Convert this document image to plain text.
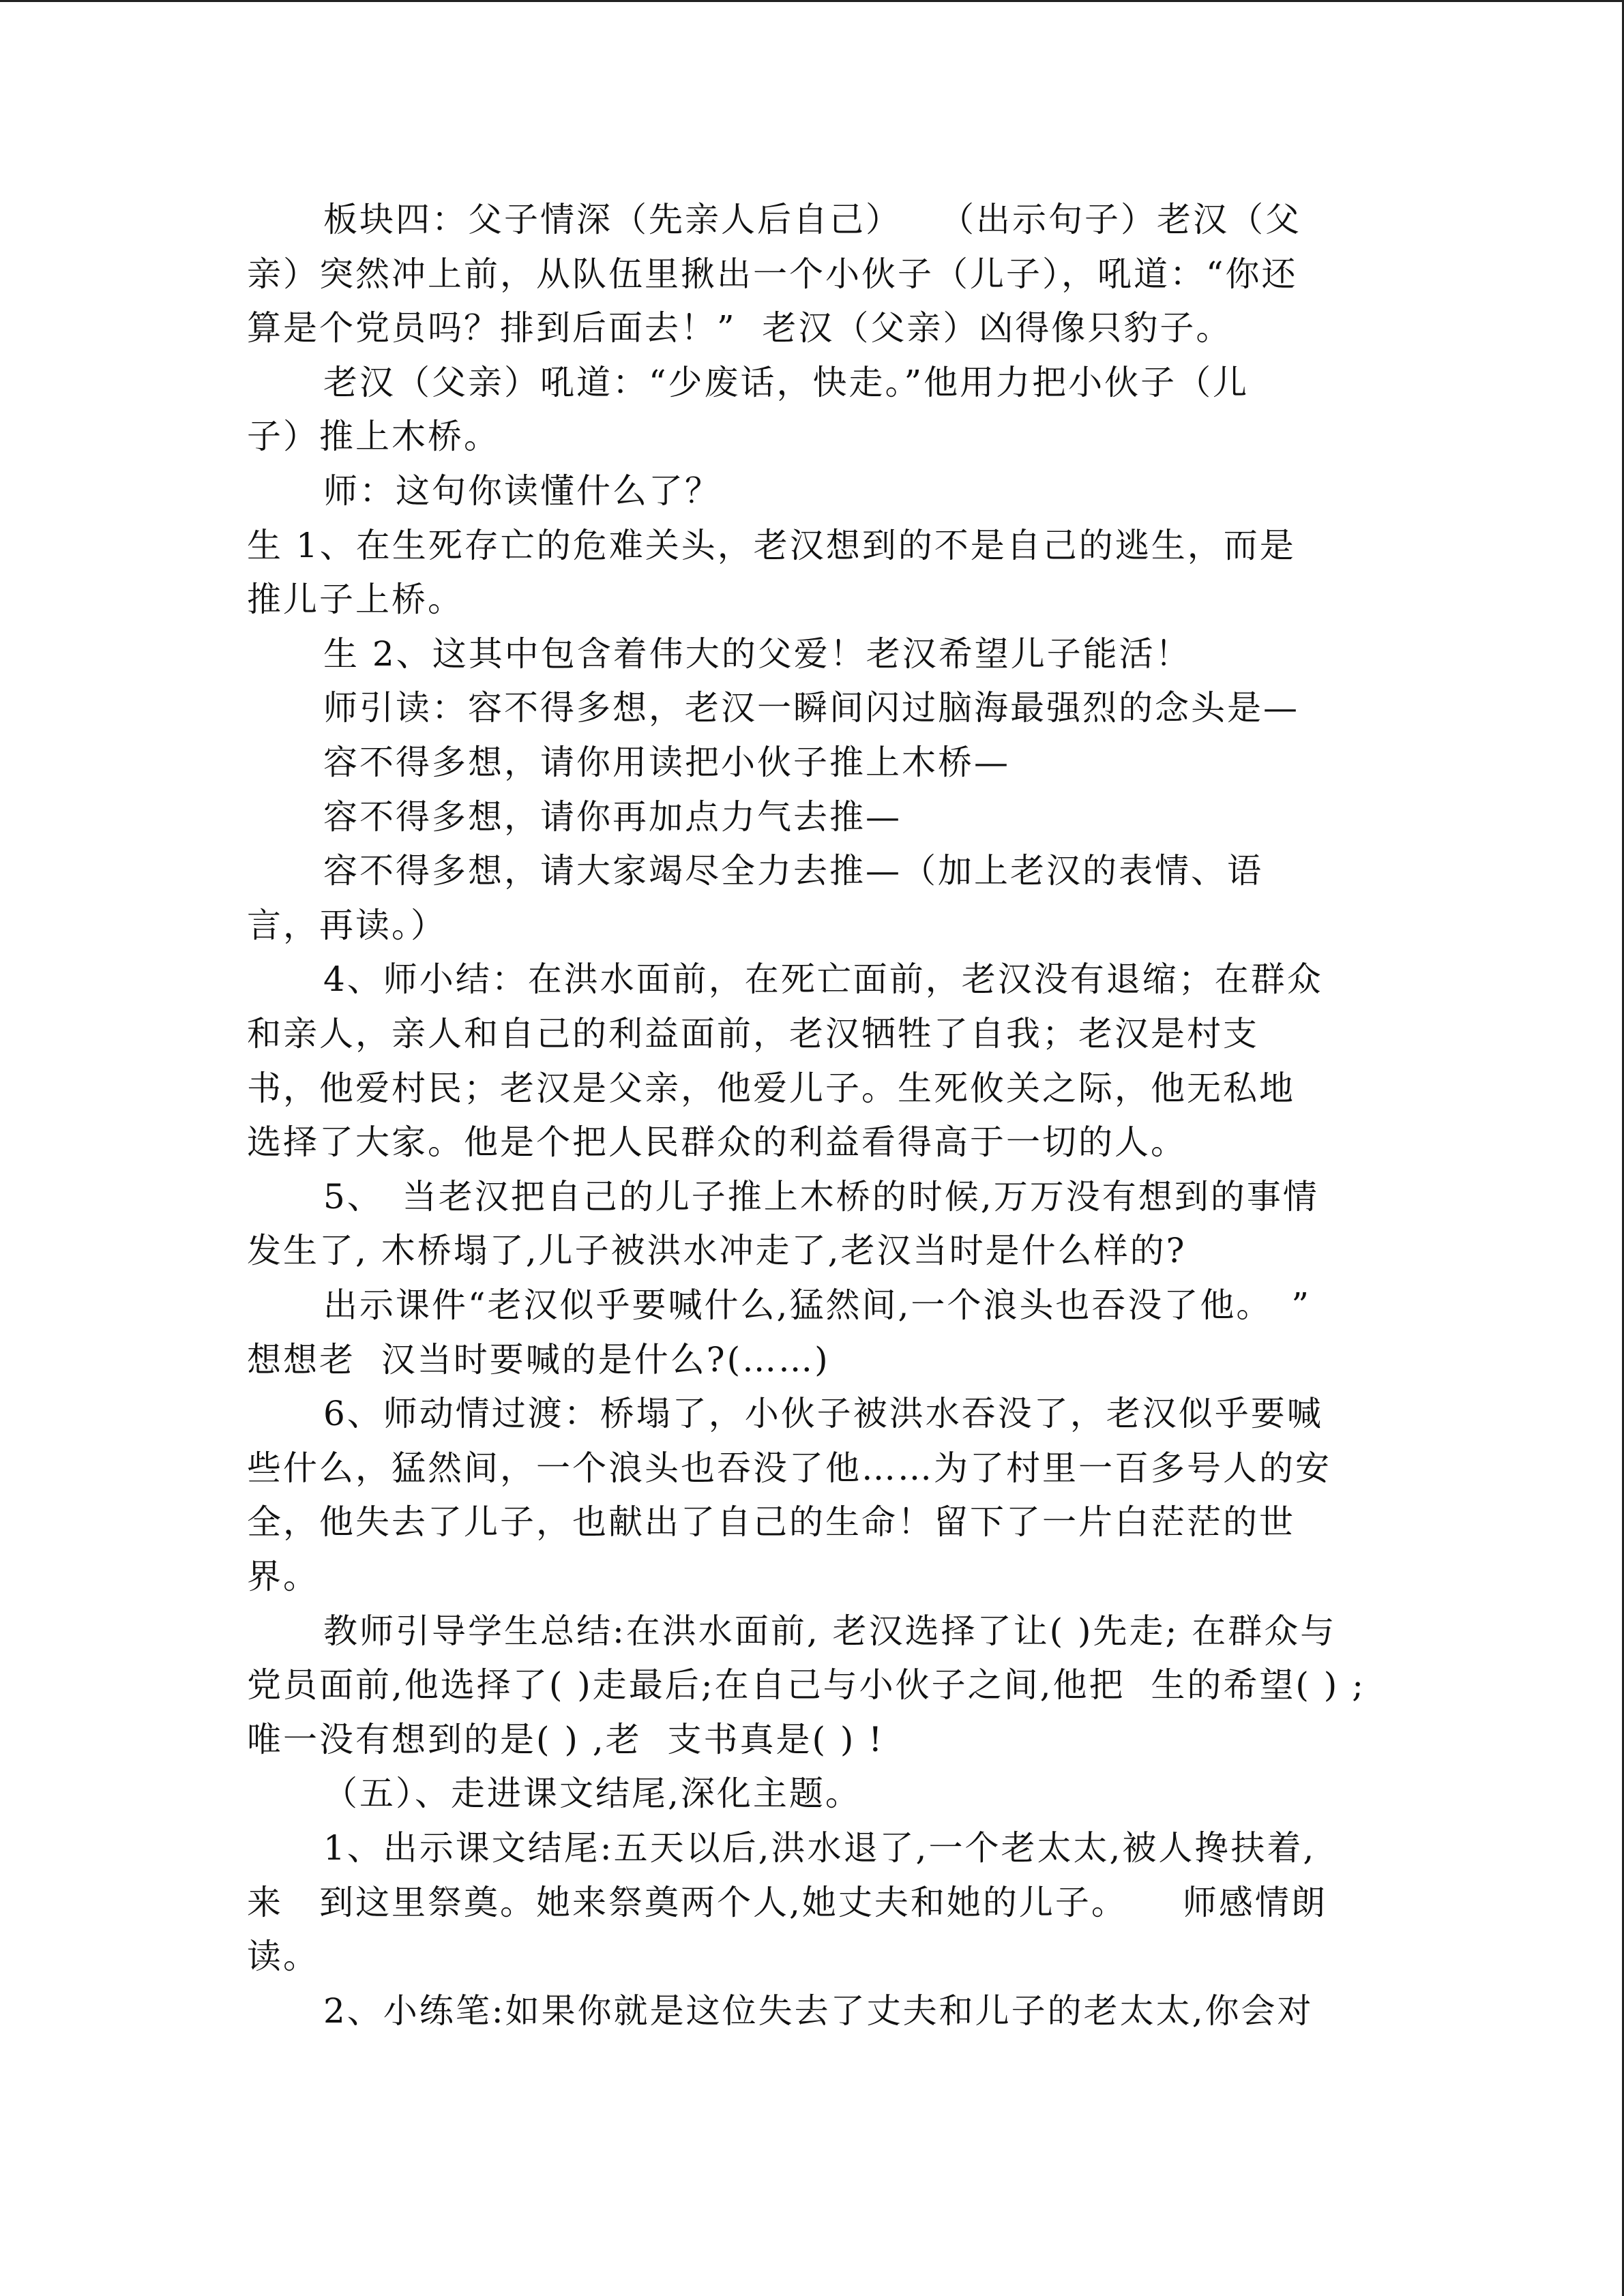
板块四：父子情深（先亲人后自己）　　（出示句子）老汉（父
亲）突然冲上前，从队伍里揪出一个小伙子（儿子），吼道：“你还
算是个党员吗？排到后面去！”  老汉（父亲）凶得像只豹子。
老汉（父亲）吼道：“少废话，快走。”他用力把小伙子（儿
子）推上木桥。
师：这句你读懂什么了？
生 1、在生死存亡的危难关头，老汉想到的不是自己的逃生，而是
推儿子上桥。
生 2、这其中包含着伟大的父爱！老汉希望儿子能活！
师引读：容不得多想，老汉一瞬间闪过脑海最强烈的念头是—
容不得多想，请你用读把小伙子推上木桥—
容不得多想，请你再加点力气去推—
容不得多想，请大家竭尽全力去推—（加上老汉的表情、语
言，再读。）
4、师小结：在洪水面前，在死亡面前，老汉没有退缩；在群众
和亲人，亲人和自己的利益面前，老汉牺牲了自我；老汉是村支
书，他爱村民；老汉是父亲，他爱儿子。生死攸关之际，他无私地
选择了大家。他是个把人民群众的利益看得高于一切的人。
5、　当老汉把自己的儿子推上木桥的时候,万万没有想到的事情
发生了, 木桥塌了,儿子被洪水冲走了,老汉当时是什么样的?
出示课件“老汉似乎要喊什么,猛然间,一个浪头也吞没了他。　”
想想老  汉当时要喊的是什么?(……)
6、师动情过渡：桥塌了，小伙子被洪水吞没了，老汉似乎要喊
些什么，猛然间，一个浪头也吞没了他……为了村里一百多号人的安
全，他失去了儿子，也献出了自己的生命！留下了一片白茫茫的世
界。
教师引导学生总结:在洪水面前, 老汉选择了让( )先走; 在群众与
党员面前,他选择了( )走最后;在自己与小伙子之间,他把  生的希望( ) ;
唯一没有想到的是( ) ,老  支书真是( ) !
（五）、走进课文结尾,深化主题。
1、出示课文结尾:五天以后,洪水退了,一个老太太,被人搀扶着,
来　到这里祭奠。她来祭奠两个人,她丈夫和她的儿子。　　师感情朗
读。
2、小练笔:如果你就是这位失去了丈夫和儿子的老太太,你会对
